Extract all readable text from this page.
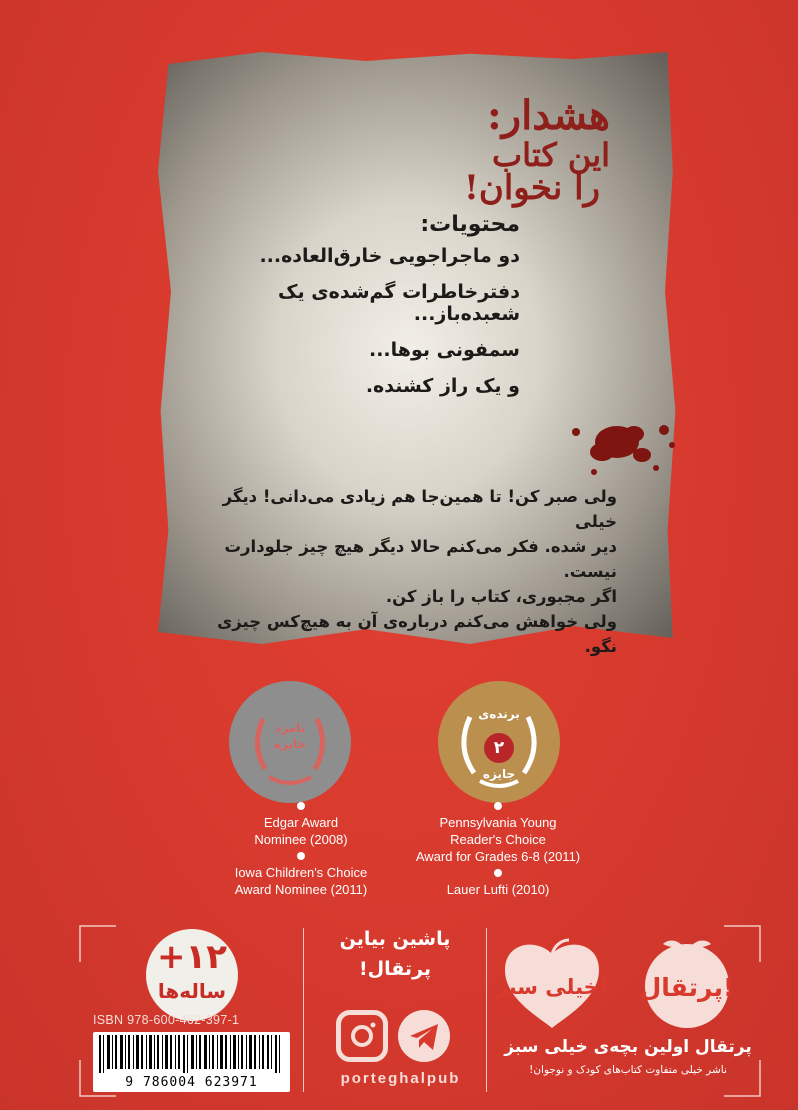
هشدار:

این کتاب

را نخوان!

محتویات:

دو ماجراجویی خارق‌العاده...

دفترخاطرات گم‌شده‌ی یک شعبده‌باز...

سمفونی بوها...

و یک راز کشنده.

ولی صبر کن! تا همین‌جا هم زیادی می‌دانی! دیگر خیلی
دیر شده. فکر می‌کنم حالا دیگر هیچ چیز جلودارت نیست.
اگر مجبوری، کتاب را باز کن.
ولی خواهش می‌کنم درباره‌ی آن به هیچ‌کس چیزی نگو.

نامزد

جایزه

برنده‌ی

۲

جایزه

Edgar Award

Nominee (2008)

Iowa Children's Choice

Award Nominee (2011)

Pennsylvania Young

Reader's Choice

Award for Grades 6-8 (2011)

Lauer Lufti (2010)

+۱۲

ساله‌ها

ISBN 978-600-462-397-1
9 786004 623971

پاشین بیاین

پرتقال!

porteghalpub
خیلی سبز! پرتقال!

پرتقال اولین بچه‌ی خیلی سبز

ناشر خیلی متفاوت کتاب‌های کودک و نوجوان!
